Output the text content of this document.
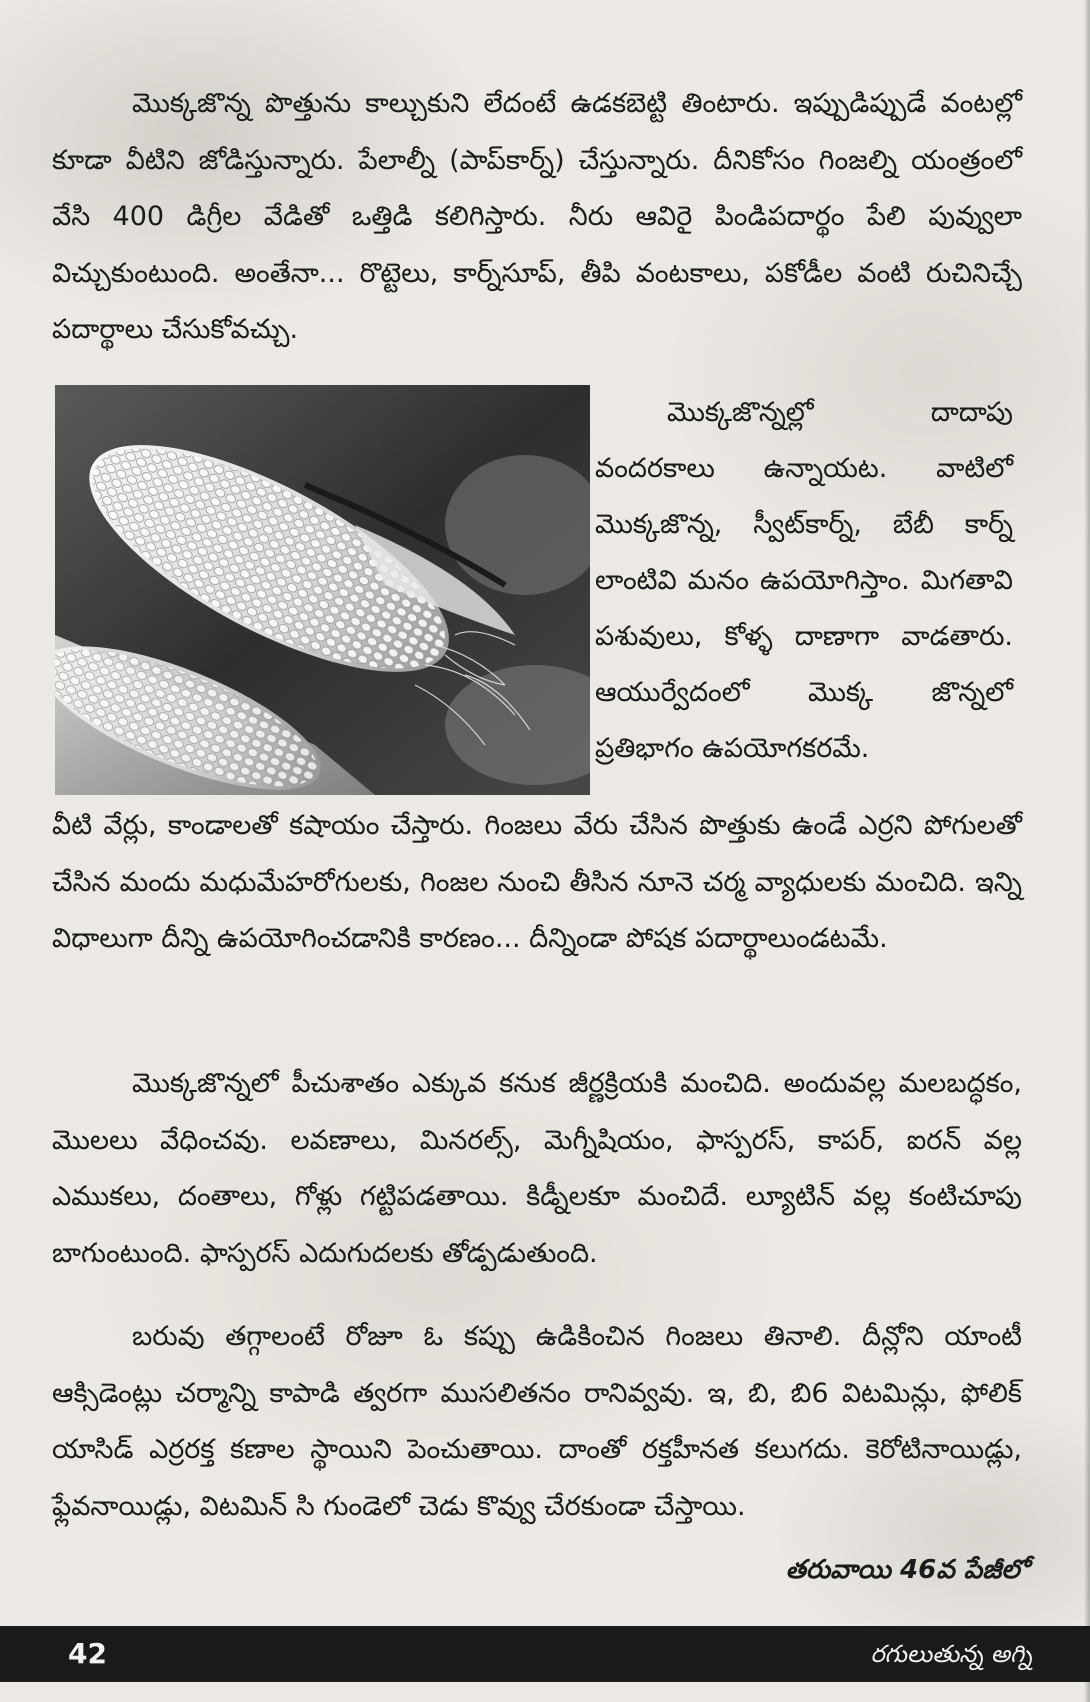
మొక్కజొన్న పొత్తును కాల్చుకుని లేదంటే ఉడకబెట్టి తింటారు. ఇప్పుడిప్పుడే వంటల్లో కూడా వీటిని జోడిస్తున్నారు. పేలాల్నీ (పాప్‌కార్న్) చేస్తున్నారు. దీనికోసం గింజల్ని యంత్రంలో వేసి 400 డిగ్రీల వేడితో ఒత్తిడి కలిగిస్తారు. నీరు ఆవిరై పిండిపదార్థం పేలి పువ్వులా విచ్చుకుంటుంది. అంతేనా... రొట్టెలు, కార్న్‌సూప్, తీపి వంటకాలు, పకోడీల వంటి రుచినిచ్చే పదార్థాలు చేసుకోవచ్చు.

మొక్కజొన్నల్లో దాదాపు వందరకాలు ఉన్నాయట. వాటిలో మొక్కజొన్న, స్వీట్‌కార్న్, బేబీ కార్న్ లాంటివి మనం ఉపయోగిస్తాం. మిగతావి పశువులు, కోళ్ళ దాణాగా వాడతారు. ఆయుర్వేదంలో మొక్క జొన్నలో ప్రతిభాగం ఉపయోగకరమే.

వీటి వేర్లు, కాండాలతో కషాయం చేస్తారు. గింజలు వేరు చేసిన పొత్తుకు ఉండే ఎర్రని పోగులతో చేసిన మందు మధుమేహరోగులకు, గింజల నుంచి తీసిన నూనె చర్మ వ్యాధులకు మంచిది. ఇన్ని విధాలుగా దీన్ని ఉపయోగించడానికి కారణం... దీన్నిండా పోషక పదార్థాలుండటమే.

మొక్కజొన్నలో పీచుశాతం ఎక్కువ కనుక జీర్ణక్రియకి మంచిది. అందువల్ల మలబద్ధకం, మొలలు వేధించవు. లవణాలు, మినరల్స్, మెగ్నీషియం, ఫాస్పరస్, కాపర్, ఐరన్ వల్ల ఎముకలు, దంతాలు, గోళ్లు గట్టిపడతాయి. కిడ్నీలకూ మంచిదే. ల్యూటిన్ వల్ల కంటిచూపు బాగుంటుంది. ఫాస్పరస్ ఎదుగుదలకు తోడ్పడుతుంది.

బరువు తగ్గాలంటే రోజూ ఓ కప్పు ఉడికించిన గింజలు తినాలి. దీన్లోని యాంటీ ఆక్సిడెంట్లు చర్మాన్ని కాపాడి త్వరగా ముసలితనం రానివ్వవు. ఇ, బి, బి6 విటమిన్లు, ఫోలిక్ యాసిడ్ ఎర్రరక్త కణాల స్థాయిని పెంచుతాయి. దాంతో రక్తహీనత కలుగదు. కెరోటినాయిడ్లు, ఫ్లేవనాయిడ్లు, విటమిన్ సి గుండెలో చెడు కొవ్వు చేరకుండా చేస్తాయి.

తరువాయి 46వ పేజీలో
42	రగులుతున్న అగ్ని
